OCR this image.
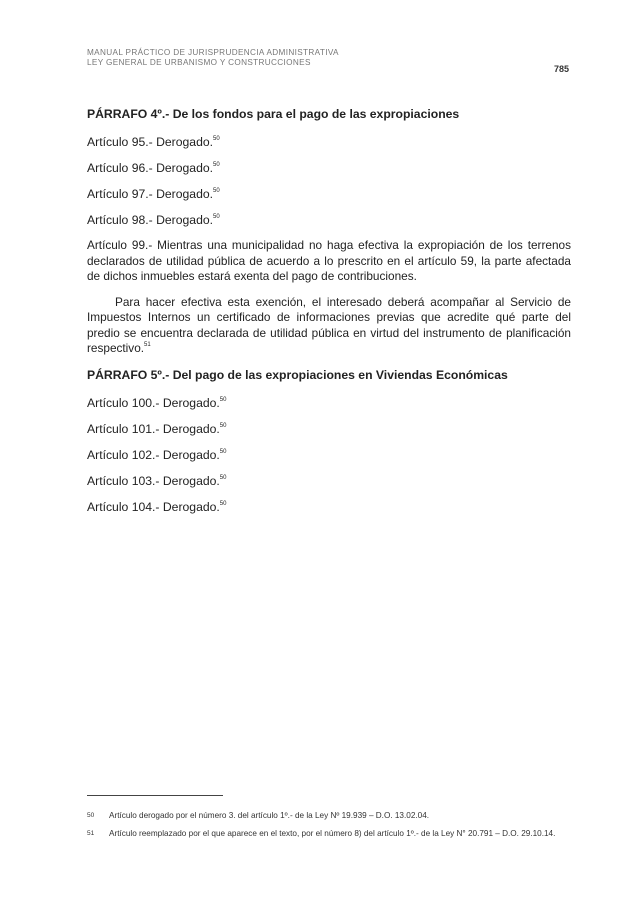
MANUAL PRÁCTICO DE JURISPRUDENCIA ADMINISTRATIVA
LEY GENERAL DE URBANISMO Y CONSTRUCCIONES
785
PÁRRAFO 4º.- De los fondos para el pago de las expropiaciones
Artículo 95.- Derogado.$^{50}$
Artículo 96.- Derogado.$^{50}$
Artículo 97.- Derogado.$^{50}$
Artículo 98.- Derogado.$^{50}$
Artículo 99.- Mientras una municipalidad no haga efectiva la expropiación de los terrenos declarados de utilidad pública de acuerdo a lo prescrito en el artículo 59, la parte afectada de dichos inmuebles estará exenta del pago de contribuciones.
Para hacer efectiva esta exención, el interesado deberá acompañar al Servicio de Impuestos Internos un certificado de informaciones previas que acredite qué parte del predio se encuentra declarada de utilidad pública en virtud del instrumento de planificación respectivo.$^{51}$
PÁRRAFO 5º.- Del pago de las expropiaciones en Viviendas Económicas
Artículo 100.- Derogado.$^{50}$
Artículo 101.- Derogado.$^{50}$
Artículo 102.- Derogado.$^{50}$
Artículo 103.- Derogado.$^{50}$
Artículo 104.- Derogado.$^{50}$
50	Artículo derogado por el número 3. del artículo 1º.- de la Ley Nº 19.939 – D.O. 13.02.04.
51	Artículo reemplazado por el que aparece en el texto, por el número 8) del artículo 1º.- de la Ley N° 20.791 – D.O. 29.10.14.
